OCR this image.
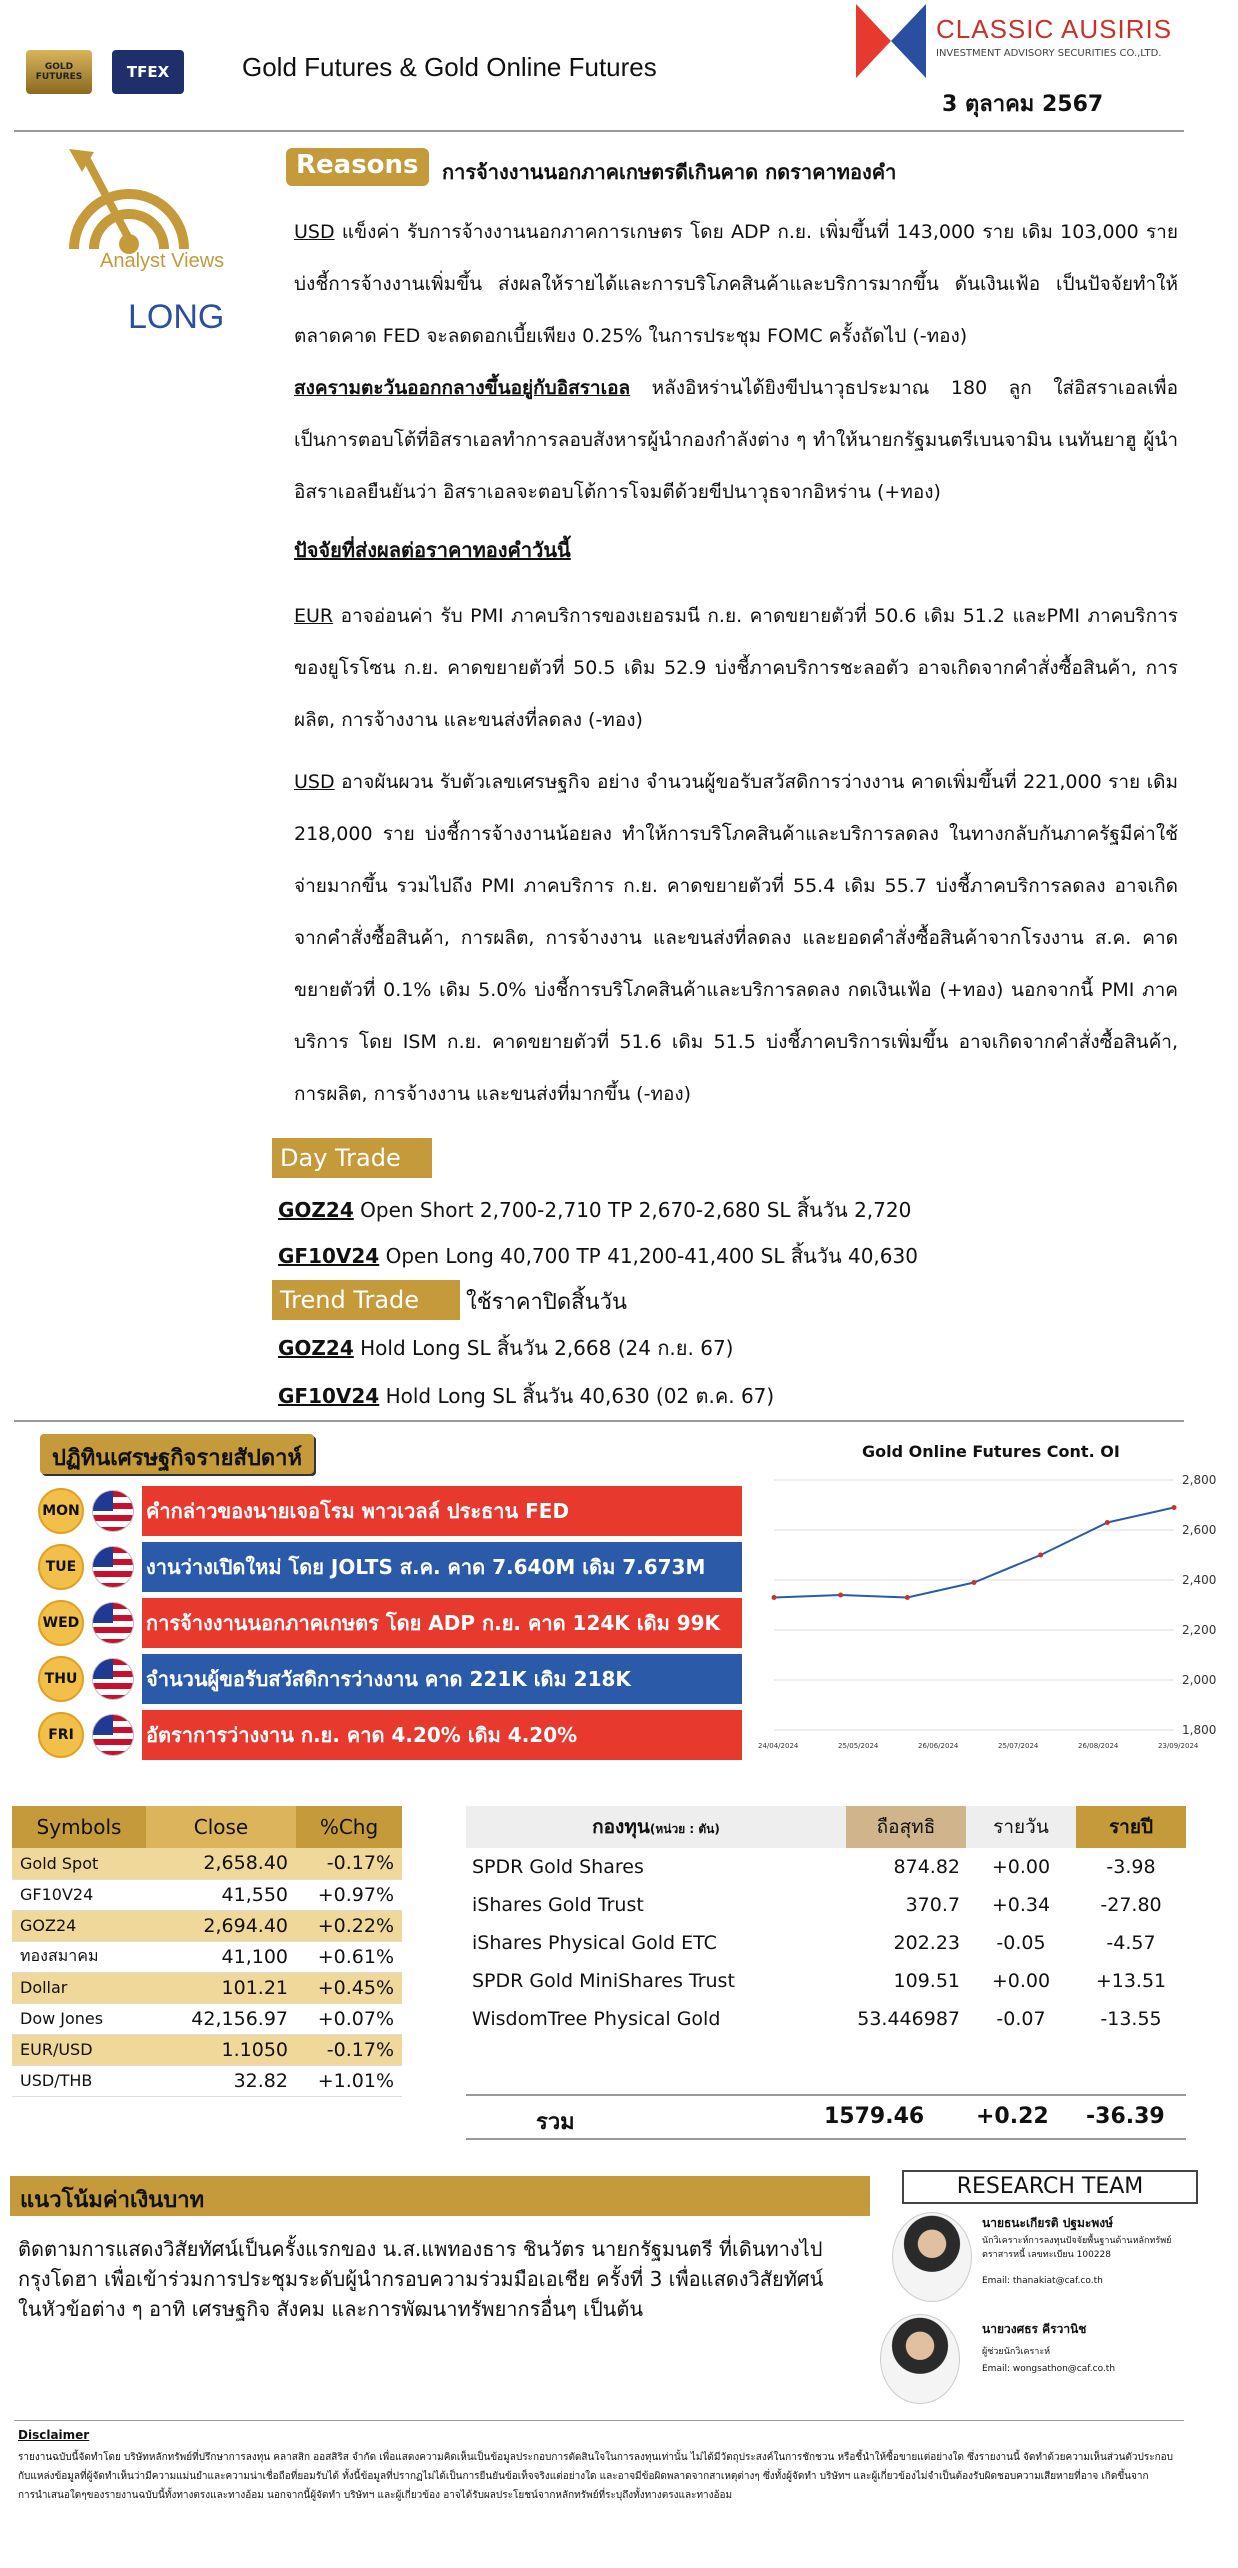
GOLD FUTURES	TFEX	Gold Futures & Gold Online Futures
CLASSIC AUSIRIS
INVESTMENT ADVISORY SECURITIES CO.,LTD.
3 ตุลาคม 2567
Analyst Views
LONG
Reasons	การจ้างงานนอกภาคเกษตรดีเกินคาด กดราคาทองคำ
USD แข็งค่า รับการจ้างงานนอกภาคการเกษตร โดย ADP ก.ย. เพิ่มขึ้นที่ 143,000 ราย เดิม 103,000 ราย บ่งชี้การจ้างงานเพิ่มขึ้น ส่งผลให้รายได้และการบริโภคสินค้าและบริการมากขึ้น ดันเงินเฟ้อ เป็นปัจจัยทำให้ตลาดคาด FED จะลดดอกเบี้ยเพียง 0.25% ในการประชุม FOMC ครั้งถัดไป (-ทอง)
สงครามตะวันออกกลางขึ้นอยู่กับอิสราเอล หลังอิหร่านได้ยิงขีปนาวุธประมาณ 180 ลูก ใส่อิสราเอลเพื่อเป็นการตอบโต้ที่อิสราเอลทำการลอบสังหารผู้นำกองกำลังต่าง ๆ ทำให้นายกรัฐมนตรีเบนจามิน เนทันยาฮู ผู้นำอิสราเอลยืนยันว่า อิสราเอลจะตอบโต้การโจมตีด้วยขีปนาวุธจากอิหร่าน (+ทอง)
ปัจจัยที่ส่งผลต่อราคาทองคำวันนี้
EUR อาจอ่อนค่า รับ PMI ภาคบริการของเยอรมนี ก.ย. คาดขยายตัวที่ 50.6 เดิม 51.2 และPMI ภาคบริการของยูโรโซน ก.ย. คาดขยายตัวที่ 50.5 เดิม 52.9 บ่งชี้ภาคบริการชะลอตัว อาจเกิดจากคำสั่งซื้อสินค้า, การผลิต, การจ้างงาน และขนส่งที่ลดลง (-ทอง)
USD อาจผันผวน รับตัวเลขเศรษฐกิจ อย่าง จำนวนผู้ขอรับสวัสดิการว่างงาน คาดเพิ่มขึ้นที่ 221,000 ราย เดิม 218,000 ราย บ่งชี้การจ้างงานน้อยลง ทำให้การบริโภคสินค้าและบริการลดลง ในทางกลับกันภาครัฐมีค่าใช้จ่ายมากขึ้น รวมไปถึง PMI ภาคบริการ ก.ย. คาดขยายตัวที่ 55.4 เดิม 55.7 บ่งชี้ภาคบริการลดลง อาจเกิดจากคำสั่งซื้อสินค้า, การผลิต, การจ้างงาน และขนส่งที่ลดลง และยอดคำสั่งซื้อสินค้าจากโรงงาน ส.ค. คาดขยายตัวที่ 0.1% เดิม 5.0% บ่งชี้การบริโภคสินค้าและบริการลดลง กดเงินเฟ้อ (+ทอง) นอกจากนี้ PMI ภาคบริการ โดย ISM ก.ย. คาดขยายตัวที่ 51.6 เดิม 51.5 บ่งชี้ภาคบริการเพิ่มขึ้น อาจเกิดจากคำสั่งซื้อสินค้า, การผลิต, การจ้างงาน และขนส่งที่มากขึ้น (-ทอง)
Day Trade
GOZ24 Open Short 2,700-2,710 TP 2,670-2,680 SL สิ้นวัน 2,720
GF10V24 Open Long 40,700 TP 41,200-41,400 SL สิ้นวัน 40,630
Trend Trade	ใช้ราคาปิดสิ้นวัน
GOZ24 Hold Long SL สิ้นวัน 2,668 (24 ก.ย. 67)
GF10V24 Hold Long SL สิ้นวัน 40,630 (02 ต.ค. 67)
ปฏิทินเศรษฐกิจรายสัปดาห์
MON	คำกล่าวของนายเจอโรม พาวเวลล์ ประธาน FED
TUE	งานว่างเปิดใหม่ โดย JOLTS ส.ค. คาด 7.640M เดิม 7.673M
WED	การจ้างงานนอกภาคเกษตร โดย ADP ก.ย. คาด 124K เดิม 99K
THU	จำนวนผู้ขอรับสวัสดิการว่างงาน คาด 221K เดิม 218K
FRI	อัตราการว่างงาน ก.ย. คาด 4.20% เดิม 4.20%
Gold Online Futures Cont. OI
2,800
2,600
2,400
2,200
2,000
1,800
24/04/2024	25/05/2024	26/06/2024	25/07/2024	26/08/2024	23/09/2024
Symbols	Close	%Chg
Gold Spot	2,658.40	-0.17%
GF10V24	41,550	+0.97%
GOZ24	2,694.40	+0.22%
ทองสมาคม	41,100	+0.61%
Dollar	101.21	+0.45%
Dow Jones	42,156.97	+0.07%
EUR/USD	1.1050	-0.17%
USD/THB	32.82	+1.01%
กองทุน(หน่วย : ตัน)	ถือสุทธิ	รายวัน	รายปี
SPDR Gold Shares	874.82	+0.00	-3.98
iShares Gold Trust	370.7	+0.34	-27.80
iShares Physical Gold ETC	202.23	-0.05	-4.57
SPDR Gold MiniShares Trust	109.51	+0.00	+13.51
WisdomTree Physical Gold	53.446987	-0.07	-13.55
รวม	1579.46 +0.22 -36.39
แนวโน้มค่าเงินบาท
ติดตามการแสดงวิสัยทัศน์เป็นครั้งแรกของ น.ส.แพทองธาร ชินวัตร นายกรัฐมนตรี ที่เดินทางไปกรุงโดฮา เพื่อเข้าร่วมการประชุมระดับผู้นำกรอบความร่วมมือเอเชีย ครั้งที่ 3 เพื่อแสดงวิสัยทัศน์ ในหัวข้อต่าง ๆ อาทิ เศรษฐกิจ สังคม และการพัฒนาทรัพยากรอื่นๆ เป็นต้น
RESEARCH TEAM
นายธนะเกียรติ ปฐมะพงษ์
นักวิเคราะห์การลงทุนปัจจัยพื้นฐานด้านหลักทรัพย์ ตราสารหนี้ เลขทะเบียน 100228
Email: thanakiat@caf.co.th
นายวงศธร คีรวานิช
ผู้ช่วยนักวิเคราะห์
Email: wongsathon@caf.co.th
Disclaimer
รายงานฉบับนี้จัดทำโดย บริษัทหลักทรัพย์ที่ปรึกษาการลงทุน คลาสสิก ออสสิริส จำกัด เพื่อแสดงความคิดเห็นเป็นข้อมูลประกอบการตัดสินใจในการลงทุนเท่านั้น ไม่ได้มีวัตถุประสงค์ในการชักชวน หรือชี้นำให้ซื้อขายแต่อย่างใด ซึ่งรายงานนี้ จัดทำด้วยความเห็นส่วนตัวประกอบกับแหล่งข้อมูลที่ผู้จัดทำเห็นว่ามีความแม่นยำและความน่าเชื่อถือที่ยอมรับได้ ทั้งนี้ข้อมูลที่ปรากฏไม่ได้เป็นการยืนยันข้อเท็จจริงแต่อย่างใด และอาจมีข้อผิดพลาดจากสาเหตุต่างๆ ซึ่งทั้งผู้จัดทำ บริษัทฯ และผู้เกี่ยวข้องไม่จำเป็นต้องรับผิดชอบความเสียหายที่อาจ เกิดขึ้นจากการนำเสนอใดๆของรายงานฉบับนี้ทั้งทางตรงและทางอ้อม นอกจากนี้ผู้จัดทำ บริษัทฯ และผู้เกี่ยวข้อง อาจได้รับผลประโยชน์จากหลักทรัพย์ที่ระบุถึงทั้งทางตรงและทางอ้อม
